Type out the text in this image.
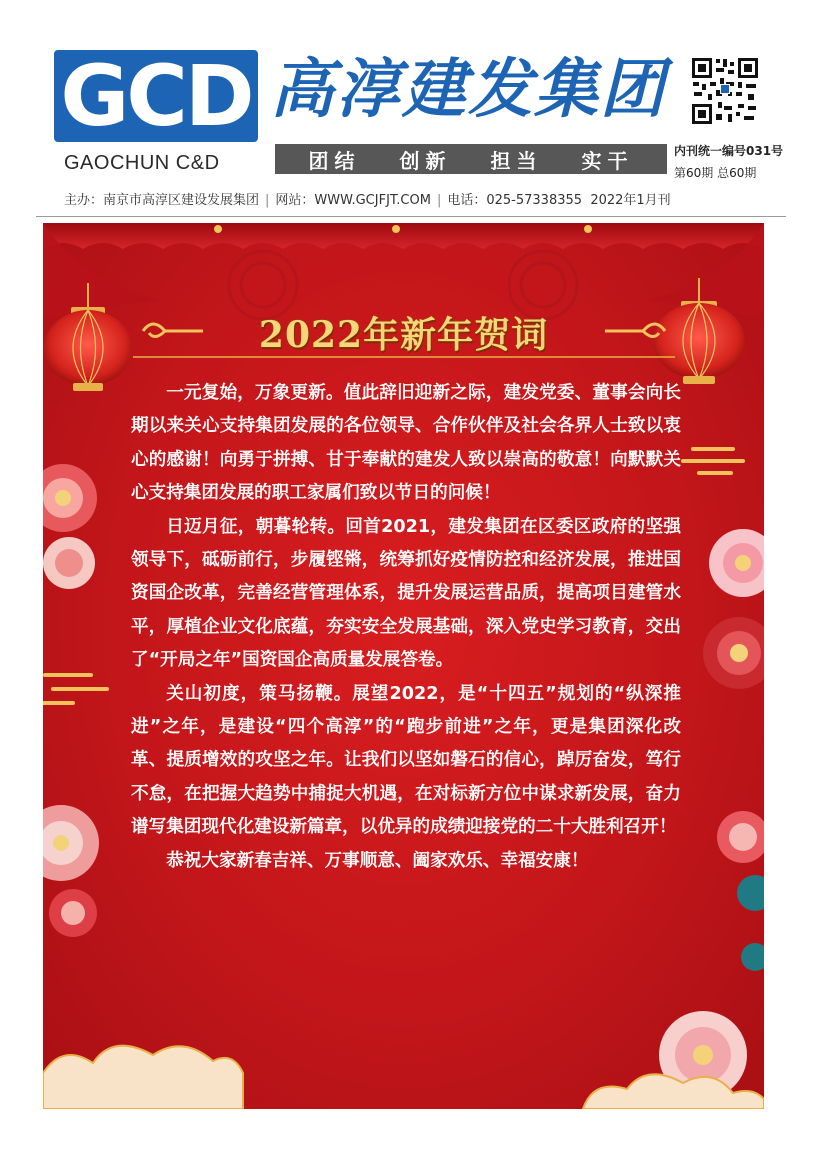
GCD
GAOCHUN C&D
高淳建发集团
团结 创新 担当 实干	内刊统一编号031号
第60期 总60期
主办：南京市高淳区建设发展集团 | 网站：WWW.GCJFJT.COM | 电话：025-57338355 2022年1月刊
2022年新年贺词

一元复始，万象更新。值此辞旧迎新之际，建发党委、董事会向长期以来关心支持集团发展的各位领导、合作伙伴及社会各界人士致以衷心的感谢！向勇于拼搏、甘于奉献的建发人致以崇高的敬意！向默默关心支持集团发展的职工家属们致以节日的问候！

日迈月征，朝暮轮转。回首2021，建发集团在区委区政府的坚强领导下，砥砺前行，步履铿锵，统筹抓好疫情防控和经济发展，推进国资国企改革，完善经营管理体系，提升发展运营品质，提高项目建管水平，厚植企业文化底蕴，夯实安全发展基础，深入党史学习教育，交出了“开局之年”国资国企高质量发展答卷。

关山初度，策马扬鞭。展望2022，是“十四五”规划的“纵深推进”之年，是建设“四个高淳”的“跑步前进”之年，更是集团深化改革、提质增效的攻坚之年。让我们以坚如磐石的信心，踔厉奋发，笃行不怠，在把握大趋势中捕捉大机遇，在对标新方位中谋求新发展，奋力谱写集团现代化建设新篇章，以优异的成绩迎接党的二十大胜利召开！

恭祝大家新春吉祥、万事顺意、阖家欢乐、幸福安康！
